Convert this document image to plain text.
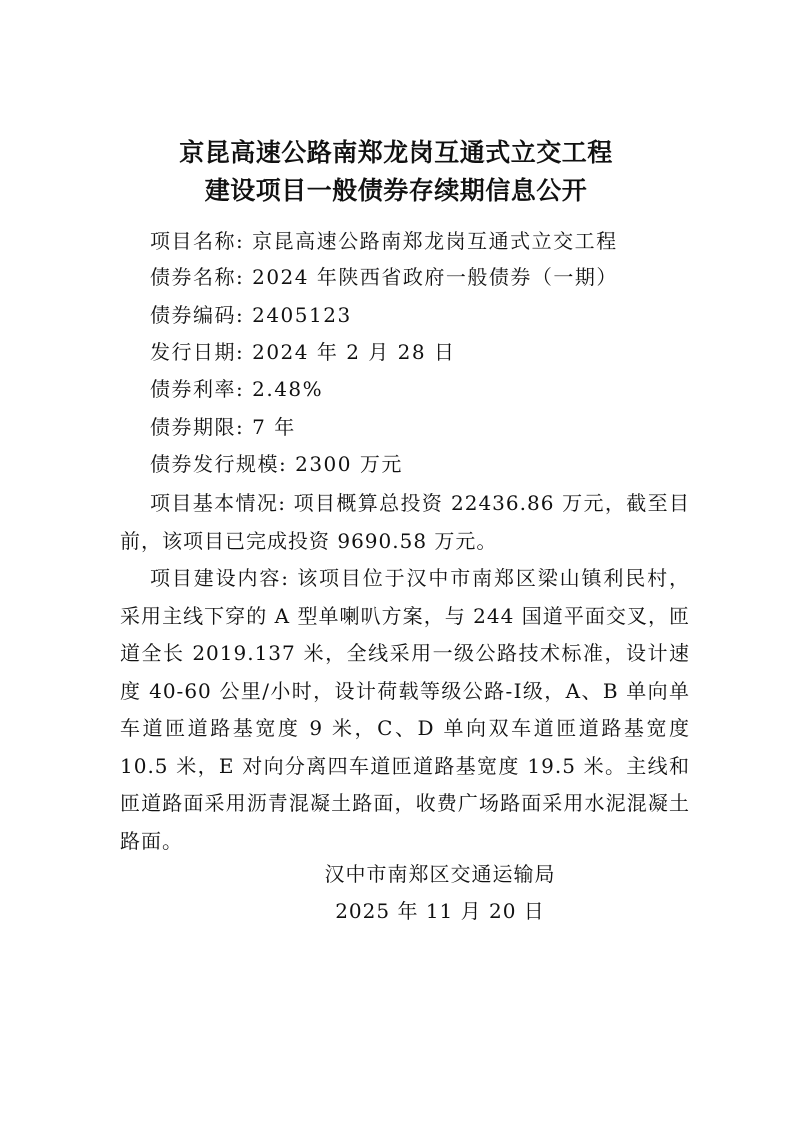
京昆高速公路南郑龙岗互通式立交工程
建设项目一般债券存续期信息公开
项目名称: 京昆高速公路南郑龙岗互通式立交工程
债券名称: 2024 年陕西省政府一般债券（一期）
债券编码: 2405123
发行日期: 2024 年 2 月 28 日
债券利率: 2.48%
债券期限: 7 年
债券发行规模: 2300 万元

项目基本情况: 项目概算总投资 22436.86 万元，截至目前，该项目已完成投资 9690.58 万元。

项目建设内容: 该项目位于汉中市南郑区梁山镇利民村，采用主线下穿的 A 型单喇叭方案，与 244 国道平面交叉，匝道全长 2019.137 米，全线采用一级公路技术标准，设计速度 40-60 公里/小时，设计荷载等级公路-Ⅰ级，A、B 单向单车道匝道路基宽度 9 米，C、D 单向双车道匝道路基宽度 10.5 米，E 对向分离四车道匝道路基宽度 19.5 米。主线和匝道路面采用沥青混凝土路面，收费广场路面采用水泥混凝土路面。

汉中市南郑区交通运输局
2025 年 11 月 20 日
